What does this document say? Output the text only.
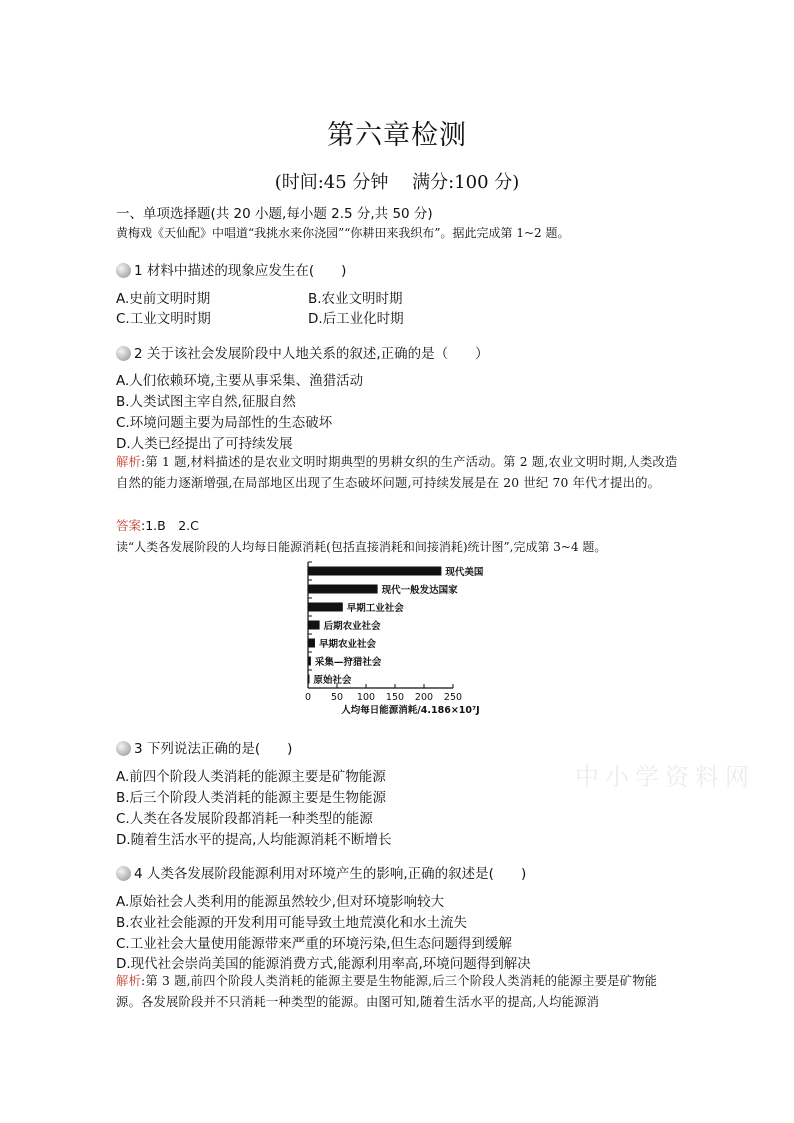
第六章检测
(时间:45 分钟　 满分:100 分)
一、单项选择题(共 20 小题,每小题 2.5 分,共 50 分)
黄梅戏《天仙配》中唱道“我挑水来你浇园”“你耕田来我织布”。据此完成第 1~2 题。
1 材料中描述的现象应发生在(　　)
A.史前文明时期	B.农业文明时期
C.工业文明时期	D.后工业化时期
2 关于该社会发展阶段中人地关系的叙述,正确的是（　　）
A.人们依赖环境,主要从事采集、渔猎活动
B.人类试图主宰自然,征服自然
C.环境问题主要为局部性的生态破坏
D.人类已经提出了可持续发展
解析:第 1 题,材料描述的是农业文明时期典型的男耕女织的生产活动。第 2 题,农业文明时期,人类改造自然的能力逐渐增强,在局部地区出现了生态破坏问题,可持续发展是在 20 世纪 70 年代才提出的。
答案:1.B　2.C
读“人类各发展阶段的人均每日能源消耗(包括直接消耗和间接消耗)统计图”,完成第 3~4 题。
现代美国
现代一般发达国家
早期工业社会
后期农业社会
早期农业社会
采集—狩猎社会
原始社会
0 50 100 150 200 250
人均每日能源消耗/4.186×10⁷J
3 下列说法正确的是(　　)
A.前四个阶段人类消耗的能源主要是矿物能源
B.后三个阶段人类消耗的能源主要是生物能源
C.人类在各发展阶段都消耗一种类型的能源
D.随着生活水平的提高,人均能源消耗不断增长
中小学资料网
4 人类各发展阶段能源利用对环境产生的影响,正确的叙述是(　　)
A.原始社会人类利用的能源虽然较少,但对环境影响较大
B.农业社会能源的开发利用可能导致土地荒漠化和水土流失
C.工业社会大量使用能源带来严重的环境污染,但生态问题得到缓解
D.现代社会崇尚美国的能源消费方式,能源利用率高,环境问题得到解决
解析:第 3 题,前四个阶段人类消耗的能源主要是生物能源,后三个阶段人类消耗的能源主要是矿物能源。各发展阶段并不只消耗一种类型的能源。由图可知,随着生活水平的提高,人均能源消
